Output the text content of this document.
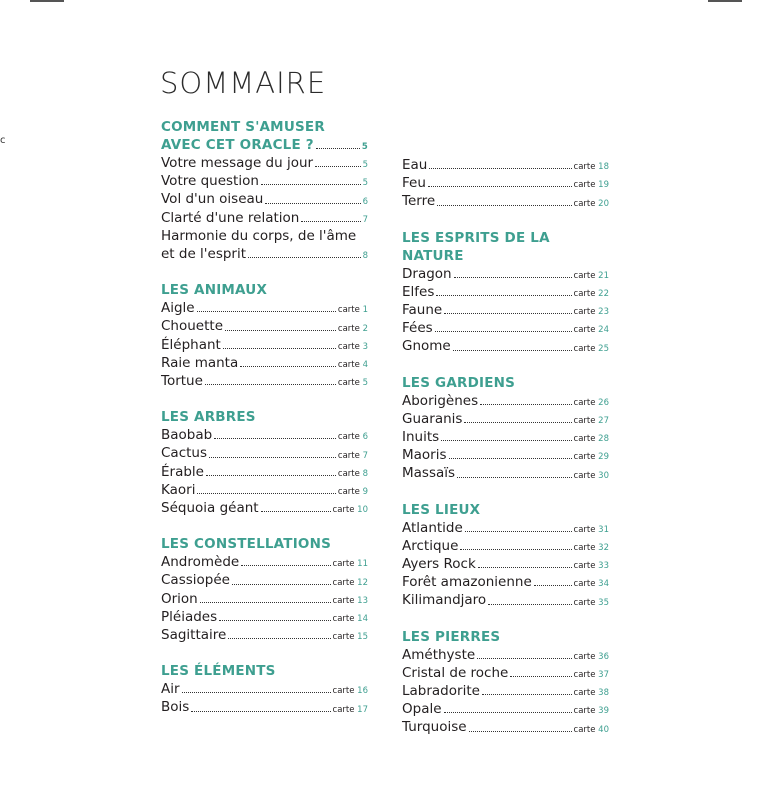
c
SOMMAIRE
COMMENT S'AMUSER
AVEC CET ORACLE ?	5
Votre message du jour	5
Votre question	5
Vol d'un oiseau	6
Clarté d'une relation	7
Harmonie du corps, de l'âme
et de l'esprit	8
LES ANIMAUX
Aigle	carte 1
Chouette	carte 2
Éléphant	carte 3
Raie manta	carte 4
Tortue	carte 5
LES ARBRES
Baobab	carte 6
Cactus	carte 7
Érable	carte 8
Kaori	carte 9
Séquoia géant	carte 10
LES CONSTELLATIONS
Andromède	carte 11
Cassiopée	carte 12
Orion	carte 13
Pléiades	carte 14
Sagittaire	carte 15
LES ÉLÉMENTS
Air	carte 16
Bois	carte 17
Eau	carte 18
Feu	carte 19
Terre	carte 20
LES ESPRITS DE LA NATURE
Dragon	carte 21
Elfes	carte 22
Faune	carte 23
Fées	carte 24
Gnome	carte 25
LES GARDIENS
Aborigènes	carte 26
Guaranis	carte 27
Inuits	carte 28
Maoris	carte 29
Massaïs	carte 30
LES LIEUX
Atlantide	carte 31
Arctique	carte 32
Ayers Rock	carte 33
Forêt amazonienne	carte 34
Kilimandjaro	carte 35
LES PIERRES
Améthyste	carte 36
Cristal de roche	carte 37
Labradorite	carte 38
Opale	carte 39
Turquoise	carte 40
